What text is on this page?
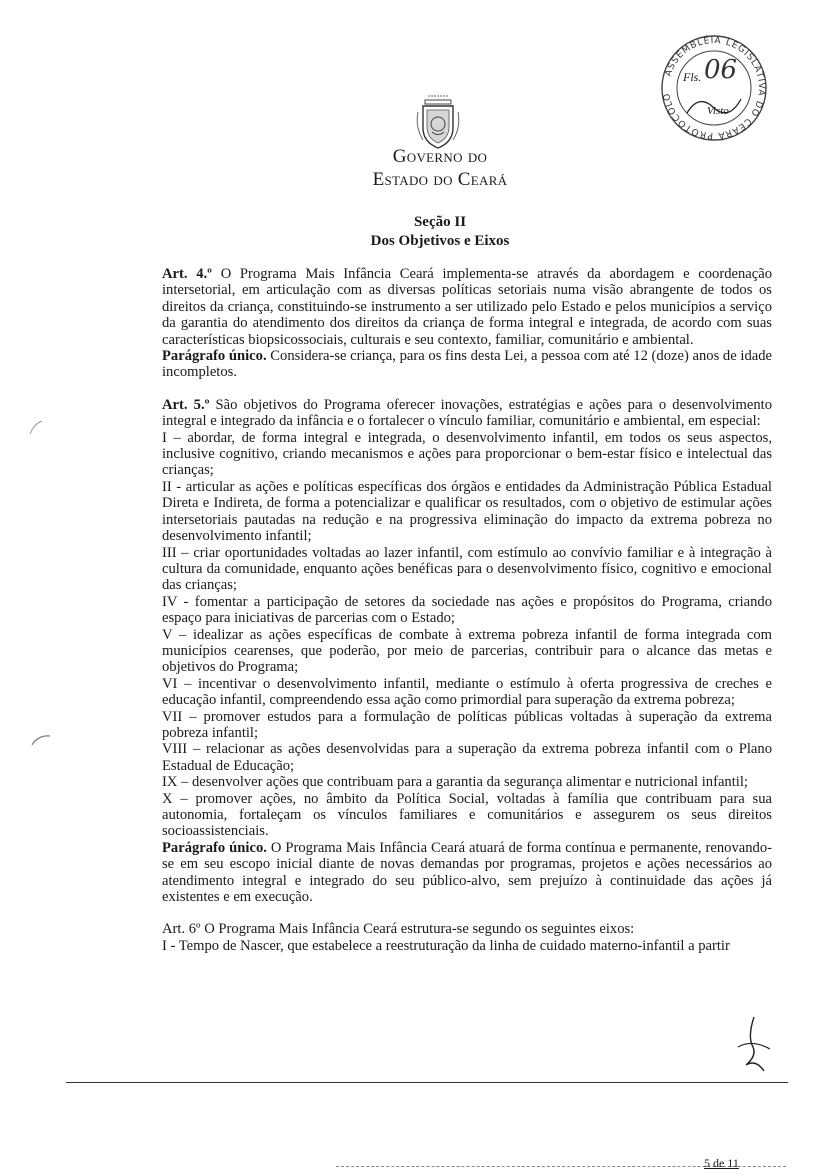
Governo do
Estado do Ceará
ASSEMBLÉIA LEGISLATIVA DO CEARÁ PROTOCOLO
Fls. 06
Visto
Seção II
Dos Objetivos e Eixos

Art. 4.º O Programa Mais Infância Ceará implementa-se através da abordagem e coordenação intersetorial, em articulação com as diversas políticas setoriais numa visão abrangente de todos os direitos da criança, constituindo-se instrumento a ser utilizado pelo Estado e pelos municípios a serviço da garantia do atendimento dos direitos da criança de forma integral e integrada, de acordo com suas características biopsicossociais, culturais e seu contexto, familiar, comunitário e ambiental.

Parágrafo único. Considera-se criança, para os fins desta Lei, a pessoa com até 12 (doze) anos de idade incompletos.

Art. 5.º São objetivos do Programa oferecer inovações, estratégias e ações para o desenvolvimento integral e integrado da infância e o fortalecer o vínculo familiar, comunitário e ambiental, em especial:

I – abordar, de forma integral e integrada, o desenvolvimento infantil, em todos os seus aspectos, inclusive cognitivo, criando mecanismos e ações para proporcionar o bem-estar físico e intelectual das crianças;

II - articular as ações e políticas específicas dos órgãos e entidades da Administração Pública Estadual Direta e Indireta, de forma a potencializar e qualificar os resultados, com o objetivo de estimular ações intersetoriais pautadas na redução e na progressiva eliminação do impacto da extrema pobreza no desenvolvimento infantil;

III – criar oportunidades voltadas ao lazer infantil, com estímulo ao convívio familiar e à integração à cultura da comunidade, enquanto ações benéficas para o desenvolvimento físico, cognitivo e emocional das crianças;

IV - fomentar a participação de setores da sociedade nas ações e propósitos do Programa, criando espaço para iniciativas de parcerias com o Estado;

V – idealizar as ações específicas de combate à extrema pobreza infantil de forma integrada com municípios cearenses, que poderão, por meio de parcerias, contribuir para o alcance das metas e objetivos do Programa;

VI – incentivar o desenvolvimento infantil, mediante o estímulo à oferta progressiva de creches e educação infantil, compreendendo essa ação como primordial para superação da extrema pobreza;

VII – promover estudos para a formulação de políticas públicas voltadas à superação da extrema pobreza infantil;

VIII – relacionar as ações desenvolvidas para a superação da extrema pobreza infantil com o Plano Estadual de Educação;

IX – desenvolver ações que contribuam para a garantia da segurança alimentar e nutricional infantil;

X – promover ações, no âmbito da Política Social, voltadas à família que contribuam para sua autonomia, fortaleçam os vínculos familiares e comunitários e assegurem os seus direitos socioassistenciais.

Parágrafo único. O Programa Mais Infância Ceará atuará de forma contínua e permanente, renovando-se em seu escopo inicial diante de novas demandas por programas, projetos e ações necessários ao atendimento integral e integrado do seu público-alvo, sem prejuízo à continuidade das ações já existentes e em execução.

Art. 6º O Programa Mais Infância Ceará estrutura-se segundo os seguintes eixos:

I - Tempo de Nascer, que estabelece a reestruturação da linha de cuidado materno-infantil a partir

5 de 11
